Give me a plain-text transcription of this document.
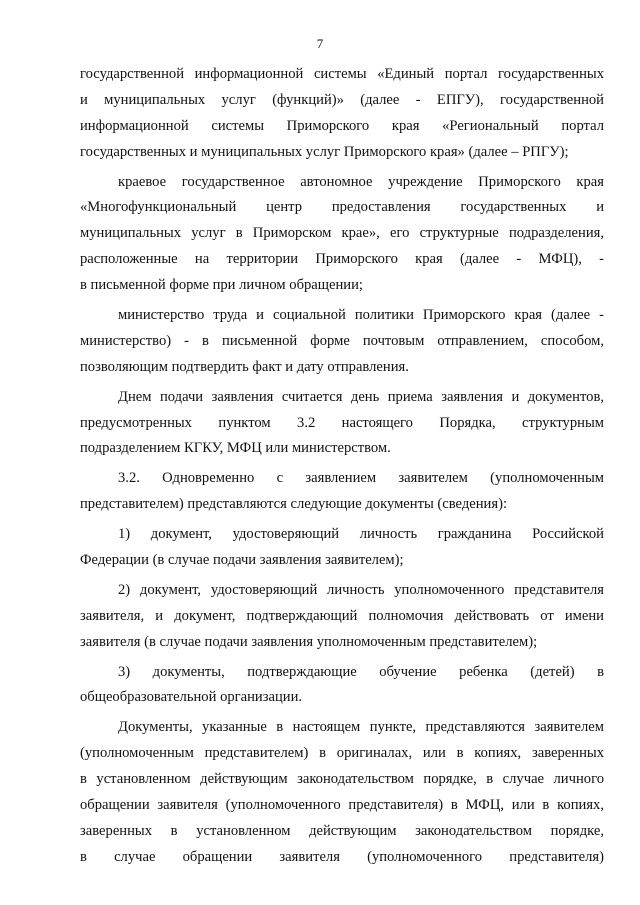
7
государственной информационной системы «Единый портал государственных
и муниципальных услуг (функций)» (далее - ЕПГУ), государственной
информационной системы Приморского края «Региональный портал
государственных и муниципальных услуг Приморского края» (далее – РПГУ);
краевое государственное автономное учреждение Приморского края
«Многофункциональный центр предоставления государственных и
муниципальных услуг в Приморском крае», его структурные подразделения,
расположенные на территории Приморского края (далее - МФЦ), -
в письменной форме при личном обращении;
министерство труда и социальной политики Приморского края (далее -
министерство) - в письменной форме почтовым отправлением, способом,
позволяющим подтвердить факт и дату отправления.
Днем подачи заявления считается день приема заявления и документов,
предусмотренных пунктом 3.2 настоящего Порядка, структурным
подразделением КГКУ, МФЦ или министерством.
3.2. Одновременно с заявлением заявителем (уполномоченным
представителем) представляются следующие документы (сведения):
1) документ, удостоверяющий личность гражданина Российской
Федерации (в случае подачи заявления заявителем);
2) документ, удостоверяющий личность уполномоченного представителя
заявителя, и документ, подтверждающий полномочия действовать от имени
заявителя (в случае подачи заявления уполномоченным представителем);
3) документы, подтверждающие обучение ребенка (детей) в
общеобразовательной организации.
Документы, указанные в настоящем пункте, представляются заявителем
(уполномоченным представителем) в оригиналах, или в копиях, заверенных
в установленном действующим законодательством порядке, в случае личного
обращении заявителя (уполномоченного представителя) в МФЦ, или в копиях,
заверенных в установленном действующим законодательством порядке,
в случае обращении заявителя (уполномоченного представителя)
